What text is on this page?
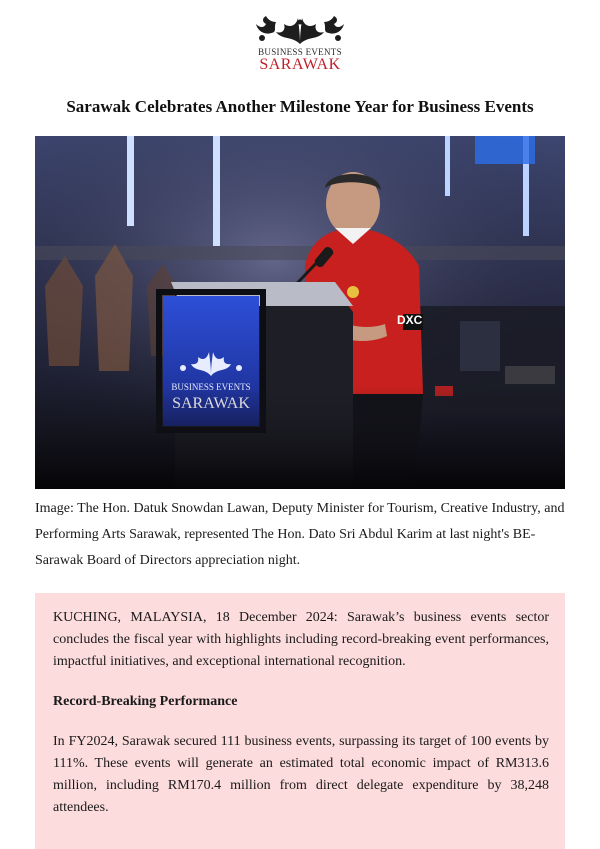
BUSINESS EVENTS
SARAWAK
Sarawak Celebrates Another Milestone Year for Business Events
DXC
Image: The Hon. Datuk Snowdan Lawan, Deputy Minister for Tourism, Creative Industry, and Performing Arts Sarawak, represented The Hon. Dato Sri Abdul Karim at last night's BE-Sarawak Board of Directors appreciation night.

KUCHING, MALAYSIA, 18 December 2024: Sarawak’s business events sector concludes the fiscal year with highlights including record-breaking event performances, impactful initiatives, and exceptional international recognition.

Record-Breaking Performance

In FY2024, Sarawak secured 111 business events, surpassing its target of 100 events by 111%. These events will generate an estimated total economic impact of RM313.6 million, including RM170.4 million from direct delegate expenditure by 38,248 attendees.
